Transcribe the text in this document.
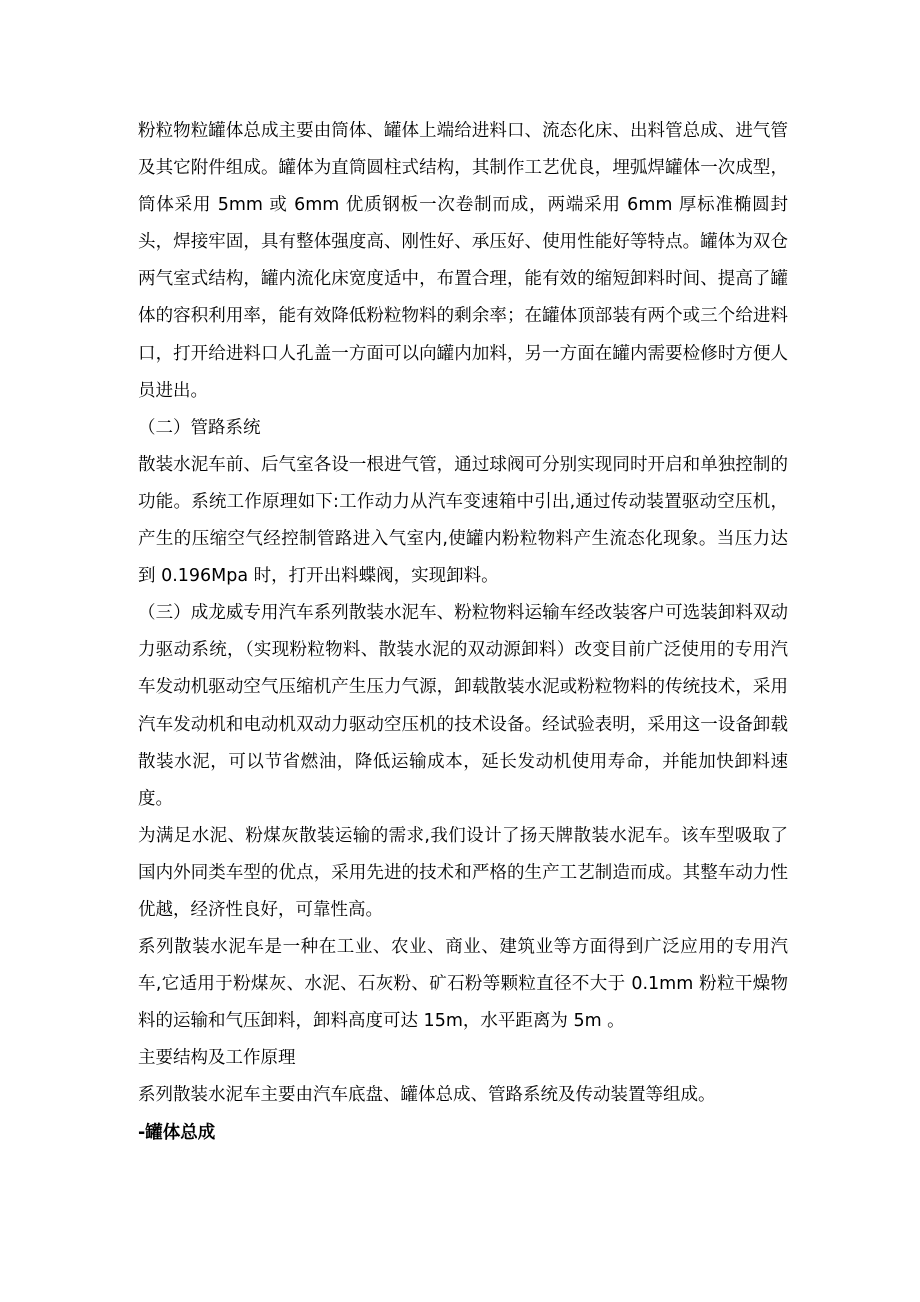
粉粒物粒罐体总成主要由筒体、罐体上端给进料口、流态化床、出料管总成、进气管及其它附件组成。罐体为直筒圆柱式结构，其制作工艺优良，埋弧焊罐体一次成型，筒体采用 5mm 或 6mm 优质钢板一次卷制而成，两端采用 6mm 厚标准椭圆封头，焊接牢固，具有整体强度高、刚性好、承压好、使用性能好等特点。罐体为双仓两气室式结构，罐内流化床宽度适中，布置合理，能有效的缩短卸料时间、提高了罐体的容积利用率，能有效降低粉粒物料的剩余率；在罐体顶部装有两个或三个给进料口，打开给进料口人孔盖一方面可以向罐内加料，另一方面在罐内需要检修时方便人员进出。

（二）管路系统

散装水泥车前、后气室各设一根进气管，通过球阀可分别实现同时开启和单独控制的功能。系统工作原理如下:工作动力从汽车变速箱中引出,通过传动装置驱动空压机，产生的压缩空气经控制管路进入气室内,使罐内粉粒物料产生流态化现象。当压力达到 0.196Mpa 时，打开出料蝶阀，实现卸料。

（三）成龙威专用汽车系列散装水泥车、粉粒物料运输车经改装客户可选装卸料双动力驱动系统，（实现粉粒物料、散装水泥的双动源卸料）改变目前广泛使用的专用汽车发动机驱动空气压缩机产生压力气源，卸载散装水泥或粉粒物料的传统技术，采用汽车发动机和电动机双动力驱动空压机的技术设备。经试验表明，采用这一设备卸载散装水泥，可以节省燃油，降低运输成本，延长发动机使用寿命，并能加快卸料速度。

为满足水泥、粉煤灰散装运输的需求,我们设计了扬天牌散装水泥车。该车型吸取了国内外同类车型的优点，采用先进的技术和严格的生产工艺制造而成。其整车动力性优越，经济性良好，可靠性高。

系列散装水泥车是一种在工业、农业、商业、建筑业等方面得到广泛应用的专用汽车,它适用于粉煤灰、水泥、石灰粉、矿石粉等颗粒直径不大于 0.1mm 粉粒干燥物料的运输和气压卸料，卸料高度可达 15m，水平距离为 5m 。

主要结构及工作原理

系列散装水泥车主要由汽车底盘、罐体总成、管路系统及传动装置等组成。

-罐体总成
